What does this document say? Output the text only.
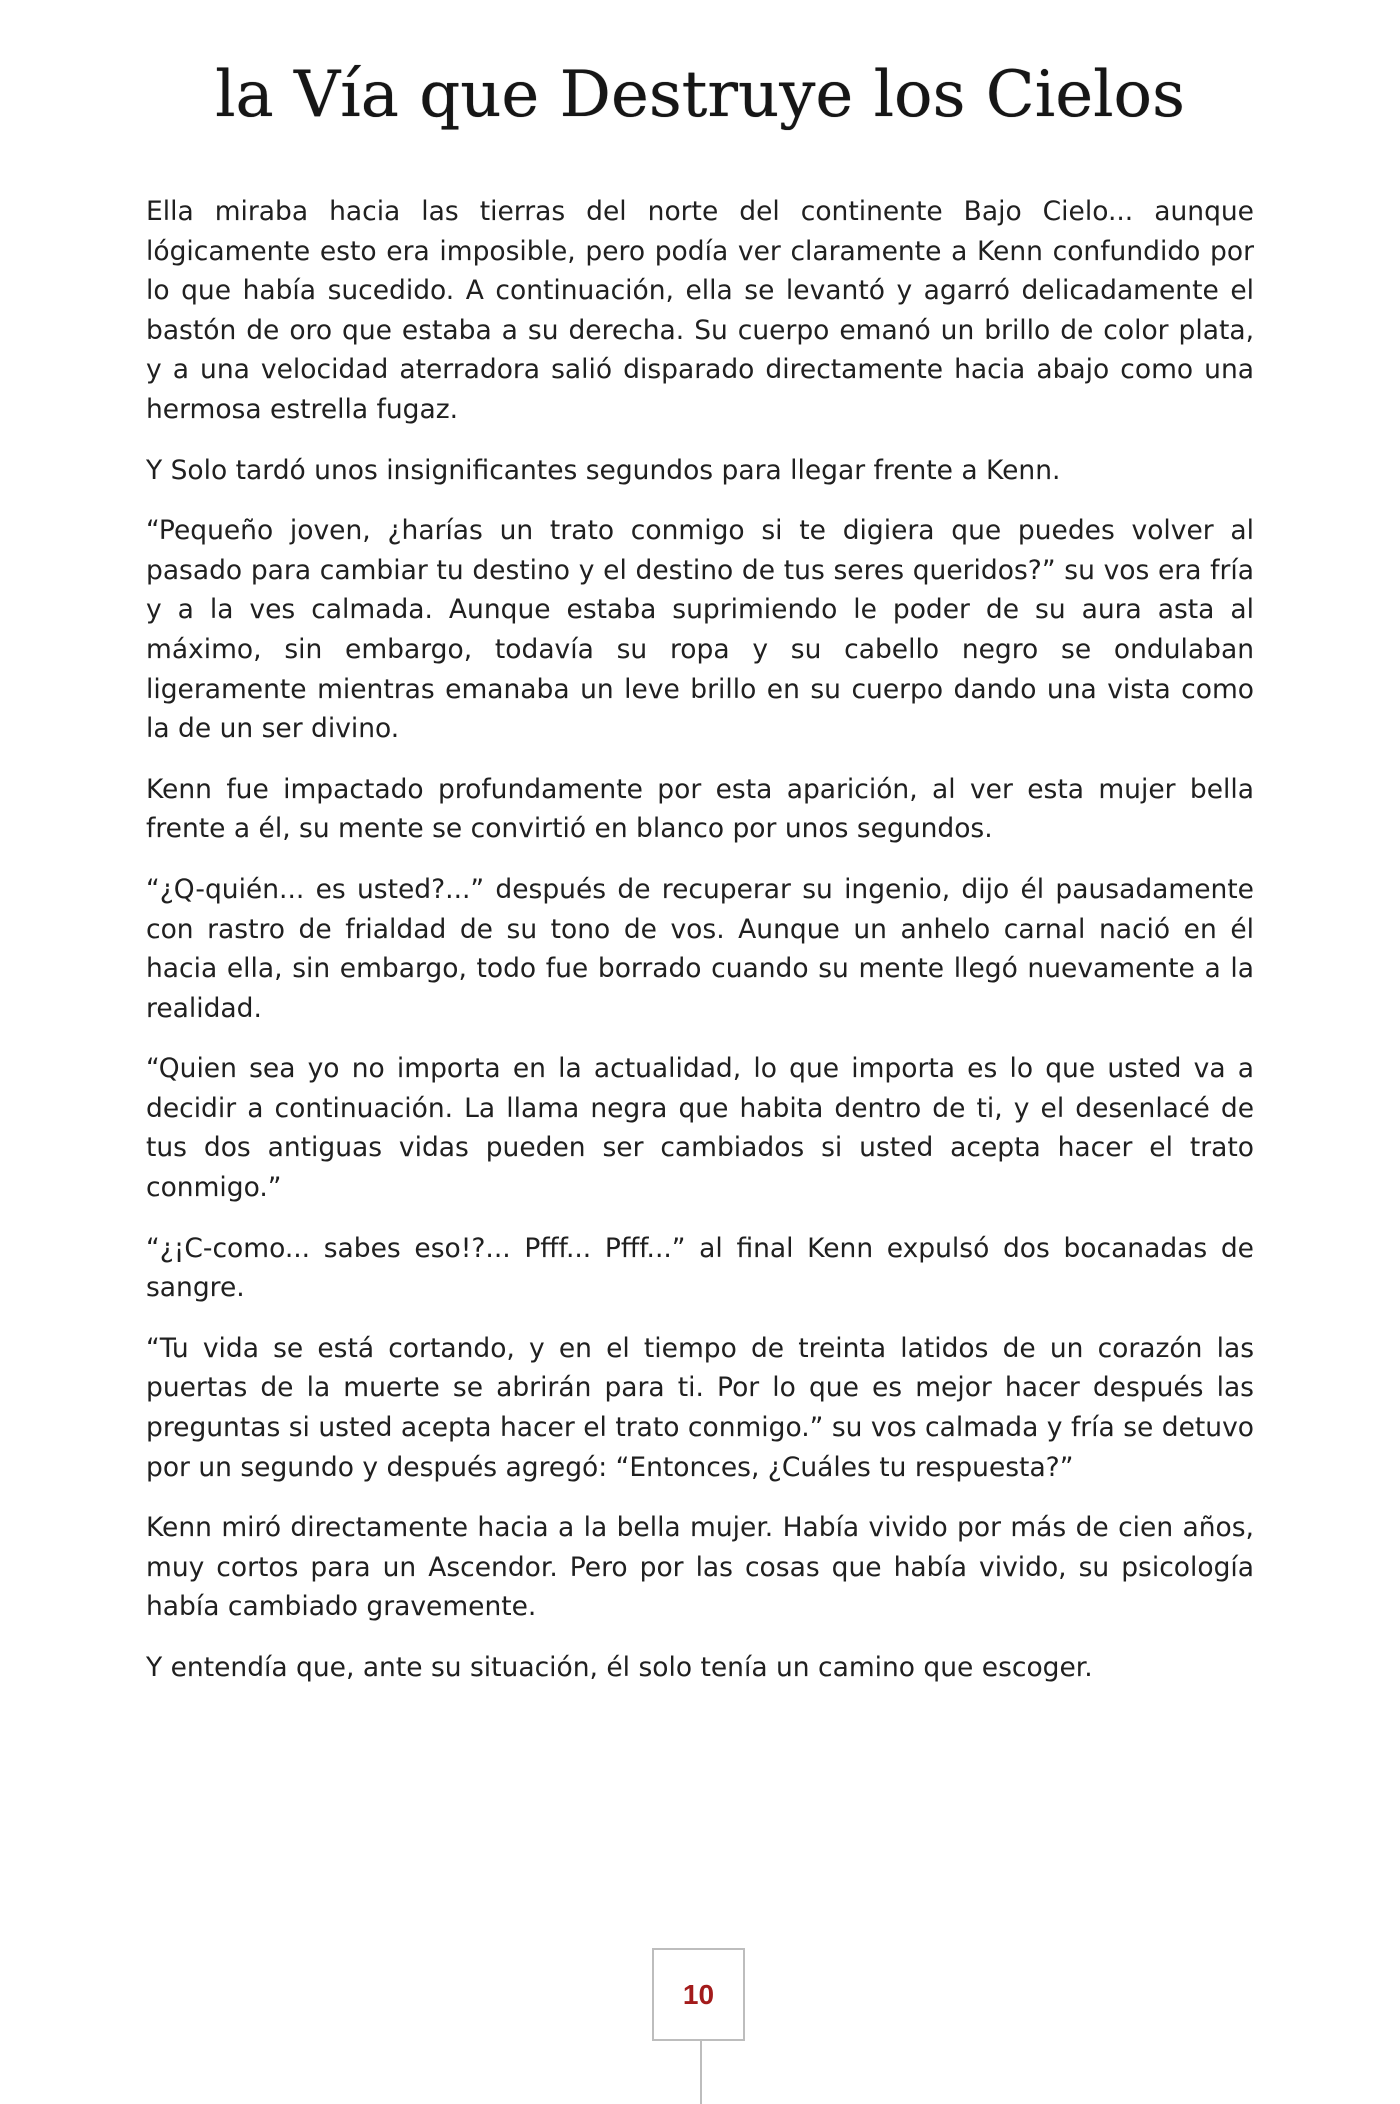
la Vía que Destruye los Cielos

Ella miraba hacia las tierras del norte del continente Bajo Cielo... aunque lógicamente esto era imposible, pero podía ver claramente a Kenn confundido por lo que había sucedido. A continuación, ella se levantó y agarró delicadamente el bastón de oro que estaba a su derecha. Su cuerpo emanó un brillo de color plata, y a una velocidad aterradora salió disparado directamente hacia abajo como una hermosa estrella fugaz.

Y Solo tardó unos insignificantes segundos para llegar frente a Kenn.

“Pequeño joven, ¿harías un trato conmigo si te digiera que puedes volver al pasado para cambiar tu destino y el destino de tus seres queridos?” su vos era fría y a la ves calmada. Aunque estaba suprimiendo le poder de su aura asta al máximo, sin embargo, todavía su ropa y su cabello negro se ondulaban ligeramente mientras emanaba un leve brillo en su cuerpo dando una vista como la de un ser divino.

Kenn fue impactado profundamente por esta aparición, al ver esta mujer bella frente a él, su mente se convirtió en blanco por unos segundos.

“¿Q-quién... es usted?...” después de recuperar su ingenio, dijo él pausadamente con rastro de frialdad de su tono de vos. Aunque un anhelo carnal nació en él hacia ella, sin embargo, todo fue borrado cuando su mente llegó nuevamente a la realidad.

“Quien sea yo no importa en la actualidad, lo que importa es lo que usted va a decidir a continuación. La llama negra que habita dentro de ti, y el desenlacé de tus dos antiguas vidas pueden ser cambiados si usted acepta hacer el trato conmigo.”

“¿¡C-como... sabes eso!?... Pfff... Pfff...” al final Kenn expulsó dos bocanadas de sangre.

“Tu vida se está cortando, y en el tiempo de treinta latidos de un corazón las puertas de la muerte se abrirán para ti. Por lo que es mejor hacer después las preguntas si usted acepta hacer el trato conmigo.” su vos calmada y fría se detuvo por un segundo y después agregó: “Entonces, ¿Cuáles tu respuesta?”

Kenn miró directamente hacia a la bella mujer. Había vivido por más de cien años, muy cortos para un Ascendor. Pero por las cosas que había vivido, su psicología había cambiado gravemente.

Y entendía que, ante su situación, él solo tenía un camino que escoger.

10
